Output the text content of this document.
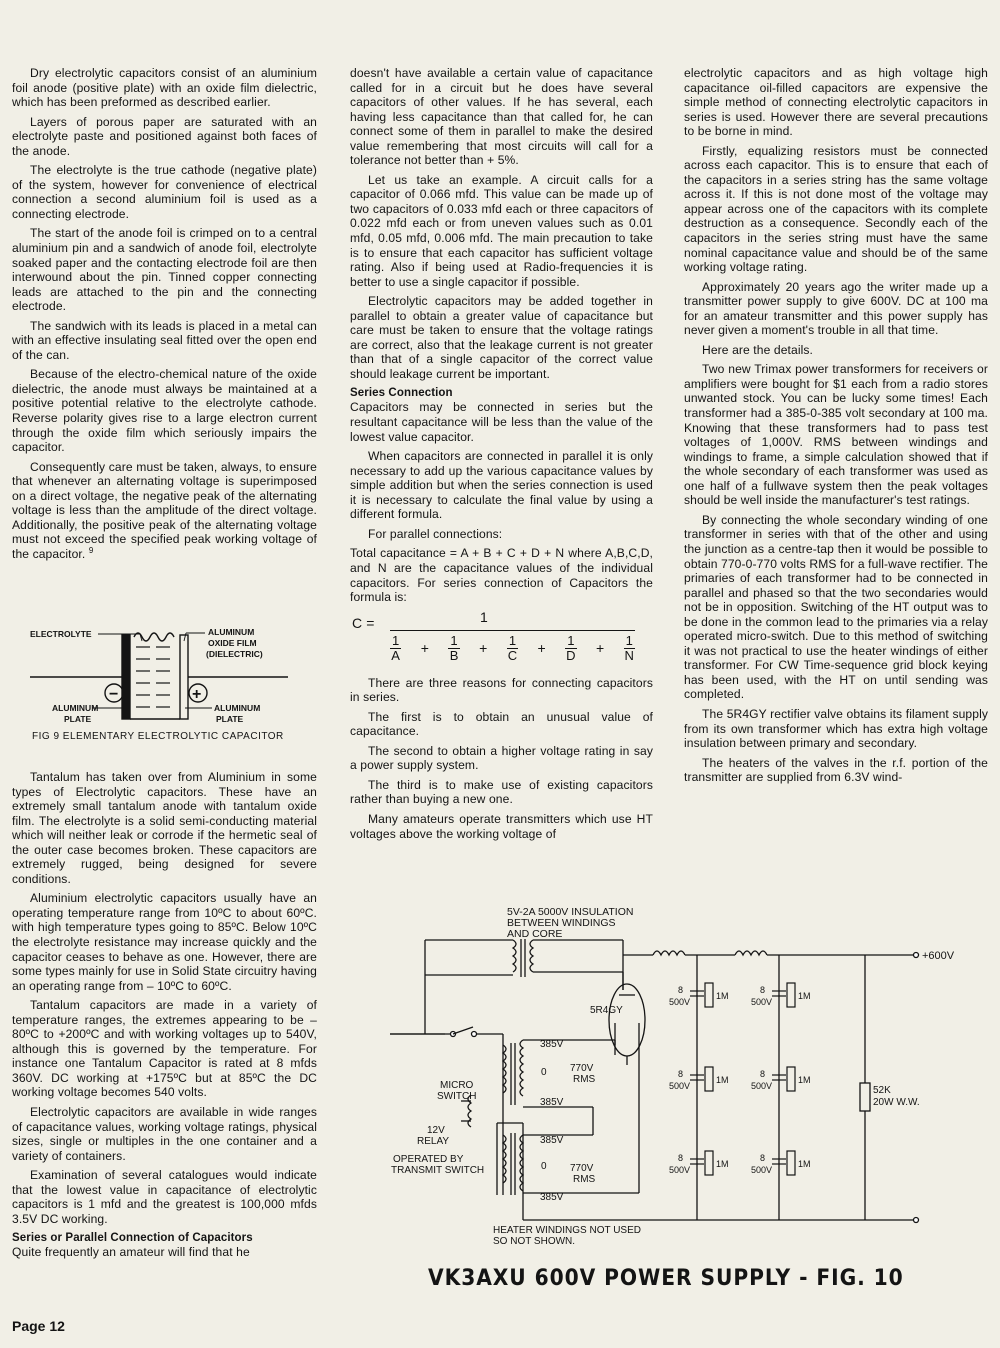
Dry electrolytic capacitors consist of an aluminium foil anode (positive plate) with an oxide film dielectric, which has been preformed as described earlier.

Layers of porous paper are saturated with an electrolyte paste and positioned against both faces of the anode.

The electrolyte is the true cathode (negative plate) of the system, however for convenience of electrical connection a second aluminium foil is used as a connecting electrode.

The start of the anode foil is crimped on to a central aluminium pin and a sandwich of anode foil, electrolyte soaked paper and the contacting electrode foil are then interwound about the pin. Tinned copper connecting leads are attached to the pin and the connecting electrode.

The sandwich with its leads is placed in a metal can with an effective insulating seal fitted over the open end of the can.

Because of the electro-chemical nature of the oxide dielectric, the anode must always be maintained at a positive potential relative to the electrolyte cathode. Reverse polarity gives rise to a large electron current through the oxide film which seriously impairs the capacitor.

Consequently care must be taken, always, to ensure that whenever an alternating voltage is superimposed on a direct voltage, the negative peak of the alternating voltage is less than the amplitude of the direct voltage. Additionally, the positive peak of the alternating voltage must not exceed the specified peak working voltage of the capacitor. $^9$

−	+
ELECTROLYTE	ALUMINUM
OXIDE FILM
(DIELECTRIC)
ALUMINUM
PLATE
ALUMINUM
PLATE
FIG 9 ELEMENTARY ELECTROLYTIC CAPACITOR

Tantalum has taken over from Aluminium in some types of Electrolytic capacitors. These have an extremely small tantalum anode with tantalum oxide film. The electrolyte is a solid semi-conducting material which will neither leak or corrode if the hermetic seal of the outer case becomes broken. These capacitors are extremely rugged, being designed for severe conditions.

Aluminium electrolytic capacitors usually have an operating temperature range from 10ºC to about 60ºC. with high temperature types going to 85ºC. Below 10ºC the electrolyte resistance may increase quickly and the capacitor ceases to behave as one. However, there are some types mainly for use in Solid State circuitry having an operating range from – 10ºC to 60ºC.

Tantalum capacitors are made in a variety of temperature ranges, the extremes appearing to be –80ºC to +200ºC and with working voltages up to 540V, although this is governed by the temperature. For instance one Tantalum Capacitor is rated at 8 mfds 360V. DC working at +175ºC but at 85ºC the DC working voltage becomes 540 volts.

Electrolytic capacitors are available in wide ranges of capacitance values, working voltage ratings, physical sizes, single or multiples in the one container and a variety of containers.

Examination of several catalogues would indicate that the lowest value in capacitance of electrolytic capacitors is 1 mfd and the greatest is 100,000 mfds 3.5V DC working.

Series or Parallel Connection of Capacitors

Quite frequently an amateur will find that he

doesn't have available a certain value of capacitance called for in a circuit but he does have several capacitors of other values. If he has several, each having less capacitance than that called for, he can connect some of them in parallel to make the desired value remembering that most circuits will call for a tolerance not better than + 5%.

Let us take an example. A circuit calls for a capacitor of 0.066 mfd. This value can be made up of two capacitors of 0.033 mfd each or three capacitors of 0.022 mfd each or from uneven values such as 0.01 mfd, 0.05 mfd, 0.006 mfd. The main precaution to take is to ensure that each capacitor has sufficient voltage rating. Also if being used at Radio-frequencies it is better to use a single capacitor if possible.

Electrolytic capacitors may be added together in parallel to obtain a greater value of capacitance but care must be taken to ensure that the voltage ratings are correct, also that the leakage current is not greater than that of a single capacitor of the correct value should leakage current be important.

Series Connection

Capacitors may be connected in series but the resultant capacitance will be less than the value of the lowest value capacitor.

When capacitors are connected in parallel it is only necessary to add up the various capacitance values by simple addition but when the series connection is used it is necessary to calculate the final value by using a different formula.

For parallel connections:

Total capacitance = A + B + C + D + N where A,B,C,D, and N are the capacitance values of the individual capacitors. For series connection of Capacitors the formula is:

C =	1
$\frac{1}{A} + \frac{1}{B} + \frac{1}{C} + \frac{1}{D} + \frac{1}{N}$

There are three reasons for connecting capacitors in series.

The first is to obtain an unusual value of capacitance.

The second to obtain a higher voltage rating in say a power supply system.

The third is to make use of existing capacitors rather than buying a new one.

Many amateurs operate transmitters which use HT voltages above the working voltage of

electrolytic capacitors and as high voltage high capacitance oil-filled capacitors are expensive the simple method of connecting electrolytic capacitors in series is used. However there are several precautions to be borne in mind.

Firstly, equalizing resistors must be connected across each capacitor. This is to ensure that each of the capacitors in a series string has the same voltage across it. If this is not done most of the voltage may appear across one of the capacitors with its complete destruction as a consequence. Secondly each of the capacitors in the series string must have the same nominal capacitance value and should be of the same working voltage rating.

Approximately 20 years ago the writer made up a transmitter power supply to give 600V. DC at 100 ma for an amateur transmitter and this power supply has never given a moment's trouble in all that time.

Here are the details.

Two new Trimax power transformers for receivers or amplifiers were bought for $1 each from a radio stores unwanted stock. You can be lucky some times! Each transformer had a 385-0-385 volt secondary at 100 ma. Knowing that these transformers had to pass test voltages of 1,000V. RMS between windings and windings to frame, a simple calculation showed that if the whole secondary of each transformer was used as one half of a fullwave system then the peak voltages should be well inside the manufacturer's test ratings.

By connecting the whole secondary winding of one transformer in series with that of the other and using the junction as a centre-tap then it would be possible to obtain 770-0-770 volts RMS for a full-wave rectifier. The primaries of each transformer had to be connected in parallel and phased so that the two secondaries would not be in opposition. Switching of the HT output was to be done in the common lead to the primaries via a relay operated micro-switch. Due to this method of switching it was not practical to use the heater windings of either transformer. For CW Time-sequence grid block keying has been used, with the HT on until sending was completed.

The 5R4GY rectifier valve obtains its filament supply from its own transformer which has extra high voltage insulation between primary and secondary.

The heaters of the valves in the r.f. portion of the transmitter are supplied from 6.3V wind-

5V-2A 5000V INSULATION
BETWEEN WINDINGS
AND CORE
+600V
5R4GY
385V
0
385V
770V
RMS
385V
0
385V
770V
RMS
MICRO
SWITCH
12V
RELAY
OPERATED BY
TRANSMIT SWITCH
8
500V
1M
8
500V
1M
8
500V
1M
8
500V
1M
8
500V
1M
8
500V
1M
52K
20W W.W.
HEATER WINDINGS NOT USED
SO NOT SHOWN.
VK3AXU 600V POWER SUPPLY - FIG. 10
Page 12
